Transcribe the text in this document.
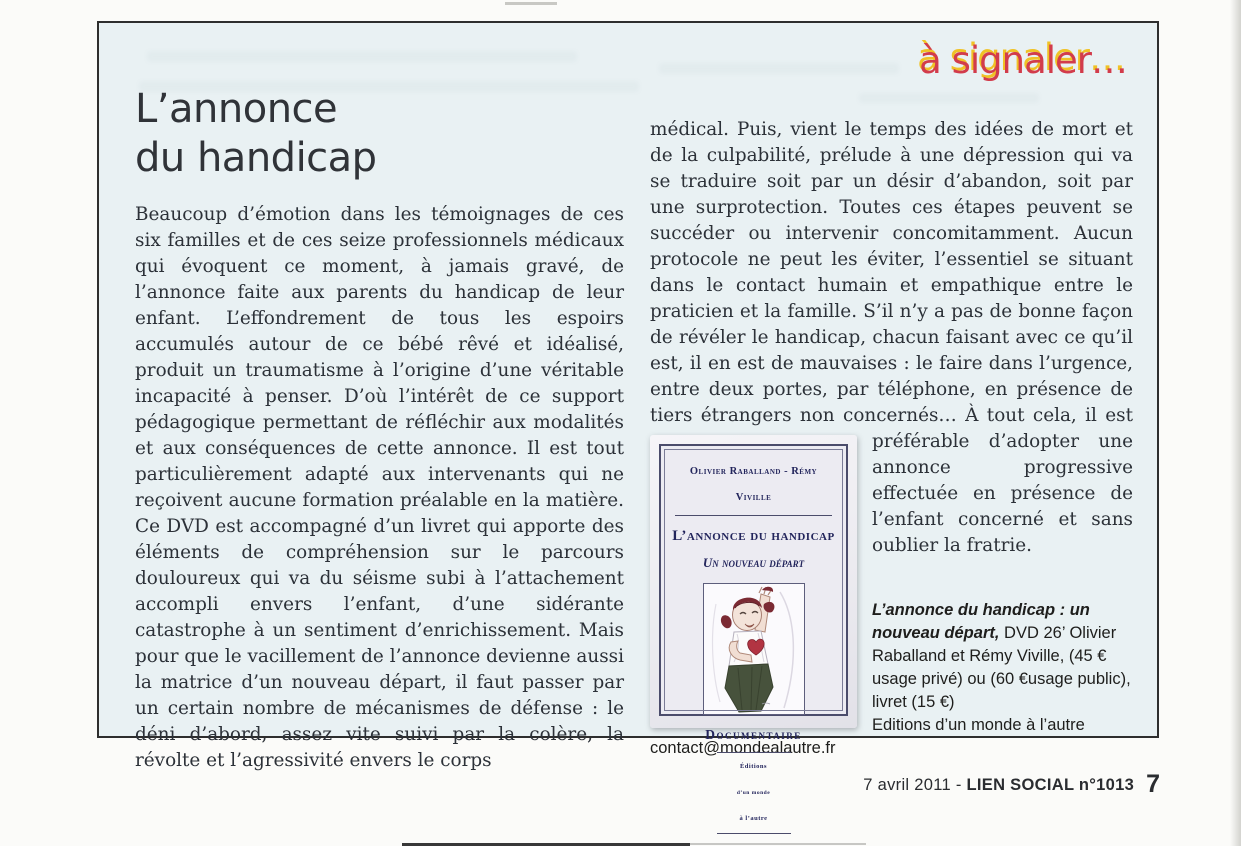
à signaler…
L’annonce
du handicap

Beaucoup d’émotion dans les témoignages de ces six familles et de ces seize professionnels médicaux qui évoquent ce moment, à jamais gravé, de l’annonce faite aux parents du handicap de leur enfant. L’effondrement de tous les espoirs accumulés autour de ce bébé rêvé et idéalisé, produit un traumatisme à l’origine d’une véritable incapacité à penser. D’où l’intérêt de ce support pédagogique permettant de réfléchir aux modalités et aux conséquences de cette annonce. Il est tout particulièrement adapté aux intervenants qui ne reçoivent aucune formation préalable en la matière. Ce DVD est accompagné d’un livret qui apporte des éléments de compréhension sur le parcours douloureux qui va du séisme subi à l’attachement accompli envers l’enfant, d’une sidérante catastrophe à un sentiment d’enrichissement. Mais pour que le vacillement de l’annonce devienne aussi la matrice d’un nouveau départ, il faut passer par un certain nombre de mécanismes de défense : le déni d’abord, assez vite suivi par la colère, la révolte et l’agressivité envers le corps

médical. Puis, vient le temps des idées de mort et de la culpabilité, prélude à une dépression qui va se traduire soit par un désir d’abandon, soit par une surprotection. Toutes ces étapes peuvent se succéder ou intervenir concomitamment. Aucun protocole ne peut les éviter, l’essentiel se situant dans le contact humain et empathique entre le praticien et la famille. S’il n’y a pas de bonne façon de révéler le handicap, chacun faisant avec ce qu’il est, il en est de mauvaises : le faire dans l’urgence, entre deux portes, par téléphone, en présence de tiers étrangers non concernés… À tout
Olivier Raballand - Rémy Viville
L’annonce du handicap
Un nouveau départ
Documentaire
Éditions
d’un monde
à l’autre
cela, il est préférable d’adopter une annonce progressive effectuée en présence de l’enfant concerné et sans oublier la fratrie.

L’annonce du handicap : un nouveau départ, DVD 26’ Olivier Raballand et Rémy Viville, (45 € usage privé) ou (60 €usage public), livret (15 €)
Editions d’un monde à l’autre
contact@mondealautre.fr
7 avril 2011 - LIEN SOCIAL n°1013 7
